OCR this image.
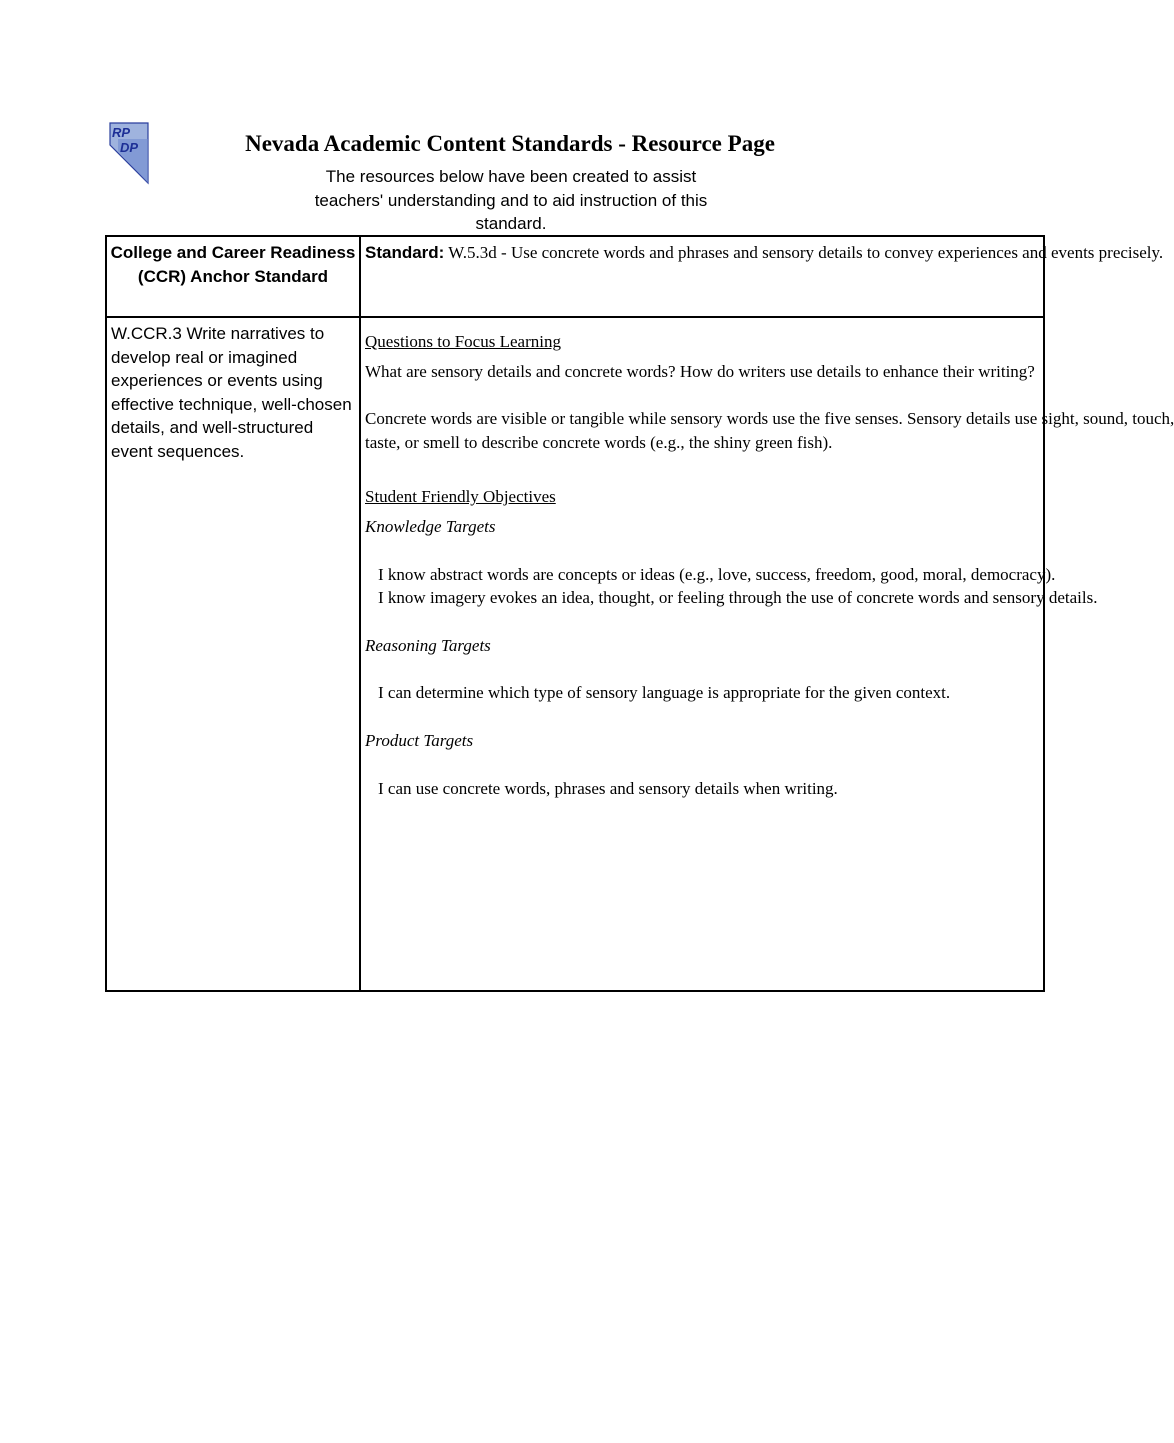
RP
DP	Nevada Academic Content Standards - Resource Page
The resources below have been created to assist teachers' understanding and to aid instruction of this standard.
College and Career Readiness (CCR) Anchor Standard
Standard: W.5.3d - Use concrete words and phrases and sensory details to convey experiences and events precisely.
W.CCR.3 Write narratives to develop real or imagined experiences or events using effective technique, well-chosen details, and well-structured event sequences.
Questions to Focus Learning
What are sensory details and concrete words? How do writers use details to enhance their writing?
Concrete words are visible or tangible while sensory words use the five senses. Sensory details use sight, sound, touch,
taste, or smell to describe concrete words (e.g., the shiny green fish).
Student Friendly Objectives
Knowledge Targets
I know abstract words are concepts or ideas (e.g., love, success, freedom, good, moral, democracy).
I know imagery evokes an idea, thought, or feeling through the use of concrete words and sensory details.
Reasoning Targets
I can determine which type of sensory language is appropriate for the given context.
Product Targets
I can use concrete words, phrases and sensory details when writing.
